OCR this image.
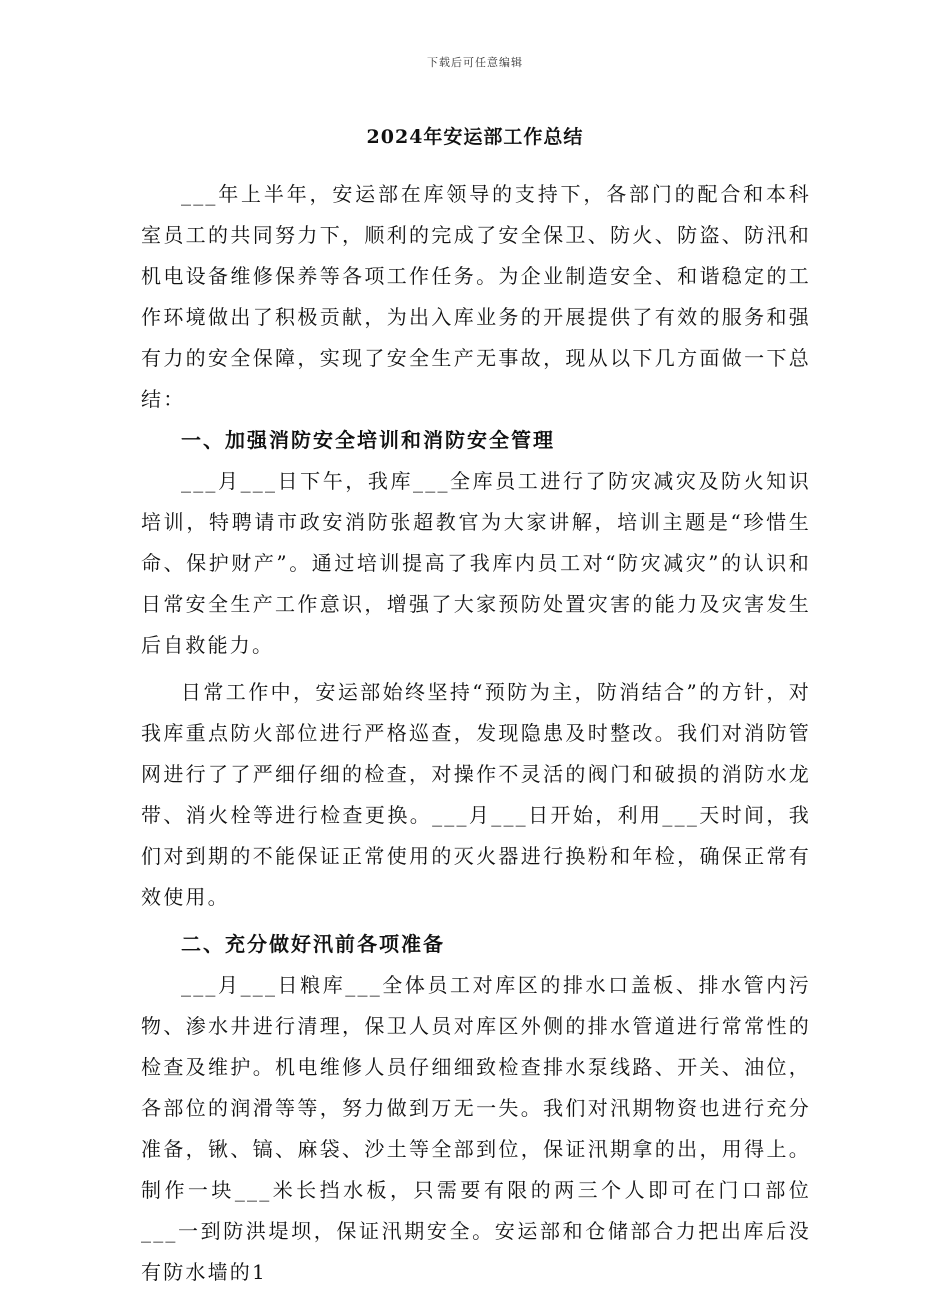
下载后可任意编辑
2024年安运部工作总结

___年上半年，安运部在库领导的支持下，各部门的配合和本科室员工的共同努力下，顺利的完成了安全保卫、防火、防盗、防汛和机电设备维修保养等各项工作任务。为企业制造安全、和谐稳定的工作环境做出了积极贡献，为出入库业务的开展提供了有效的服务和强有力的安全保障，实现了安全生产无事故，现从以下几方面做一下总结：

一、加强消防安全培训和消防安全管理

___月___日下午，我库___全库员工进行了防灾减灾及防火知识培训，特聘请市政安消防张超教官为大家讲解，培训主题是“珍惜生命、保护财产”。通过培训提高了我库内员工对“防灾减灾”的认识和日常安全生产工作意识，增强了大家预防处置灾害的能力及灾害发生后自救能力。

日常工作中，安运部始终坚持“预防为主，防消结合”的方针，对我库重点防火部位进行严格巡查，发现隐患及时整改。我们对消防管网进行了了严细仔细的检查，对操作不灵活的阀门和破损的消防水龙带、消火栓等进行检查更换。___月___日开始，利用___天时间，我们对到期的不能保证正常使用的灭火器进行换粉和年检，确保正常有效使用。

二、充分做好汛前各项准备

___月___日粮库___全体员工对库区的排水口盖板、排水管内污物、渗水井进行清理，保卫人员对库区外侧的排水管道进行常常性的检查及维护。机电维修人员仔细细致检查排水泵线路、开关、油位，各部位的润滑等等，努力做到万无一失。我们对汛期物资也进行充分准备，锹、镐、麻袋、沙土等全部到位，保证汛期拿的出，用得上。制作一块___米长挡水板，只需要有限的两三个人即可在门口部位___一到防洪堤坝，保证汛期安全。安运部和仓储部合力把出库后没有防水墙的1
